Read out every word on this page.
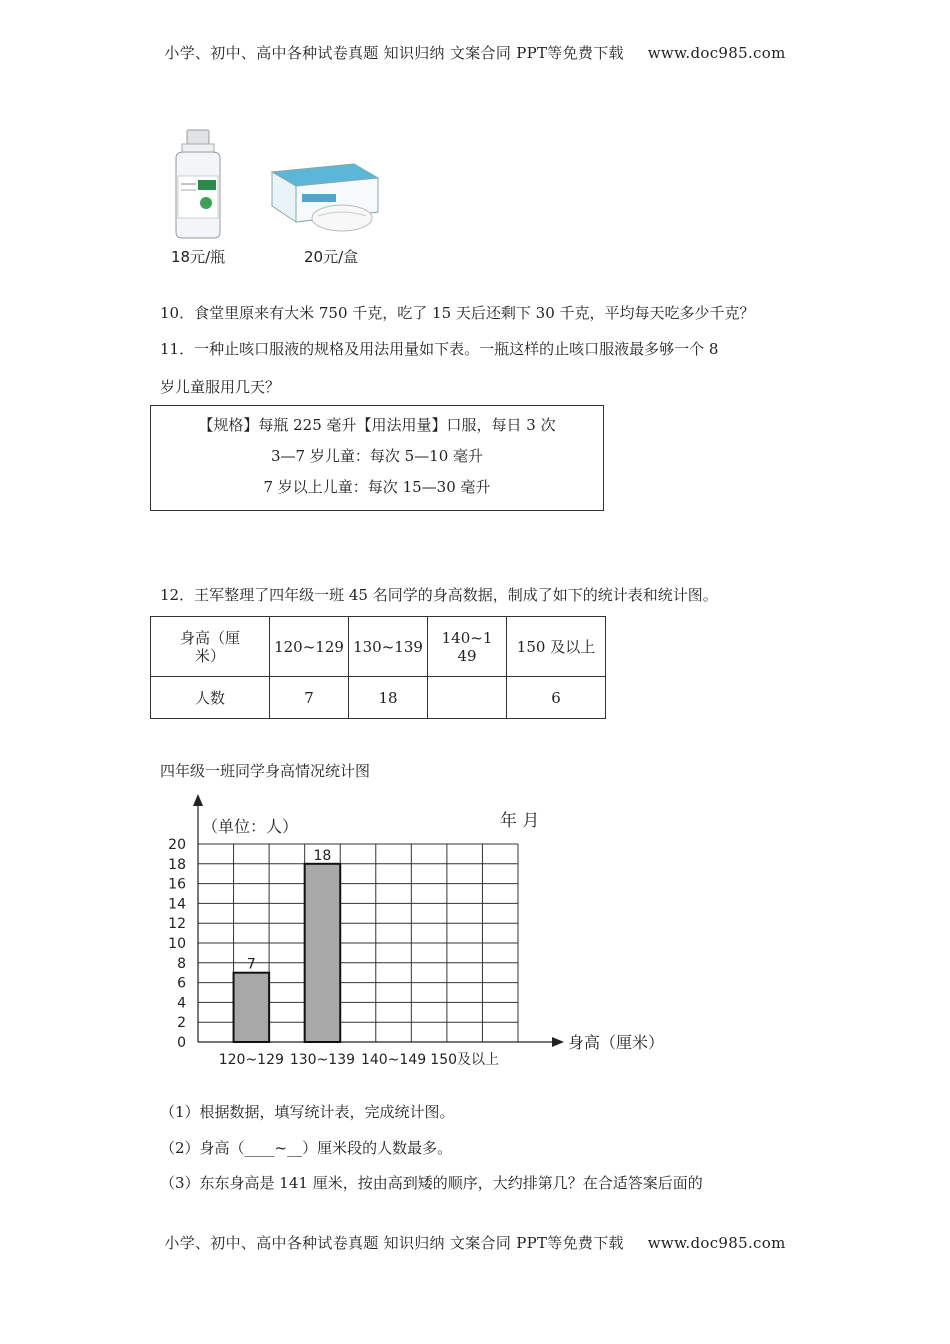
小学、初中、高中各种试卷真题 知识归纳 文案合同 PPT等免费下载 www.doc985.com
18元/瓶	20元/盒
10．食堂里原来有大米 750 千克，吃了 15 天后还剩下 30 千克，平均每天吃多少千克？
11．一种止咳口服液的规格及用法用量如下表。一瓶这样的止咳口服液最多够一个 8
岁儿童服用几天？
【规格】每瓶 225 毫升【用法用量】口服，每日 3 次
3—7 岁儿童：每次 5—10 毫升
7 岁以上儿童：每次 15—30 毫升
12．王军整理了四年级一班 45 名同学的身高数据，制成了如下的统计表和统计图。
身高（厘米）	120~129	130~139	140~149	150 及以上
人数	7	18		6
四年级一班同学身高情况统计图
0
2
4
6
8
10
12
14
16
18
20
（单位：人）	年 月
身高（厘米）
120~129
7
130~139
18
140~149 150及以上
（1）根据数据，填写统计表，完成统计图。
（2）身高（____~__）厘米段的人数最多。
（3）东东身高是 141 厘米，按由高到矮的顺序，大约排第几？在合适答案后面的
小学、初中、高中各种试卷真题 知识归纳 文案合同 PPT等免费下载 www.doc985.com
